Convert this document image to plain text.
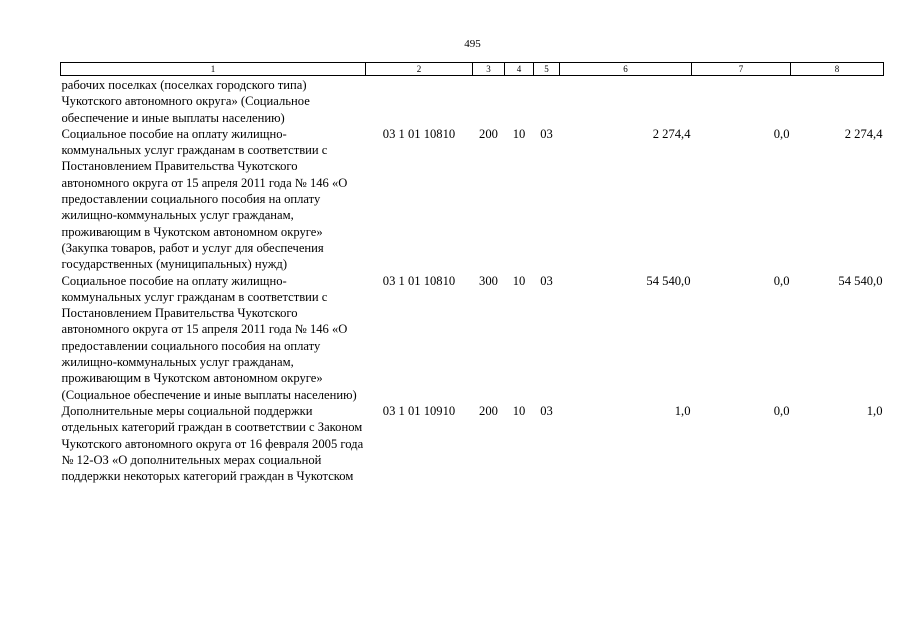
495
1	2	3	4	5	6	7	8
рабочих поселках (поселках городского типа) Чукотского автономного округа» (Социальное обеспечение и иные выплаты населению)							
Социальное пособие на оплату жилищно-коммунальных услуг гражданам в соответствии с Постановлением Правительства Чукотского автономного округа от 15 апреля 2011 года № 146 «О предоставлении социального пособия на оплату жилищно-коммунальных услуг гражданам, проживающим в Чукотском автономном округе» (Закупка товаров, работ и услуг для обеспечения государственных (муниципальных) нужд)	03 1 01 10810	200	10	03	2 274,4	0,0	2 274,4
Социальное пособие на оплату жилищно-коммунальных услуг гражданам в соответствии с Постановлением Правительства Чукотского автономного округа от 15 апреля 2011 года № 146 «О предоставлении социального пособия на оплату жилищно-коммунальных услуг гражданам, проживающим в Чукотском автономном округе» (Социальное обеспечение и иные выплаты населению)	03 1 01 10810	300	10	03	54 540,0	0,0	54 540,0
Дополнительные меры социальной поддержки отдельных категорий граждан в соответствии с Законом Чукотского автономного округа от 16 февраля 2005 года № 12-ОЗ «О дополнительных мерах социальной поддержки некоторых категорий граждан в Чукотском	03 1 01 10910	200	10	03	1,0	0,0	1,0
